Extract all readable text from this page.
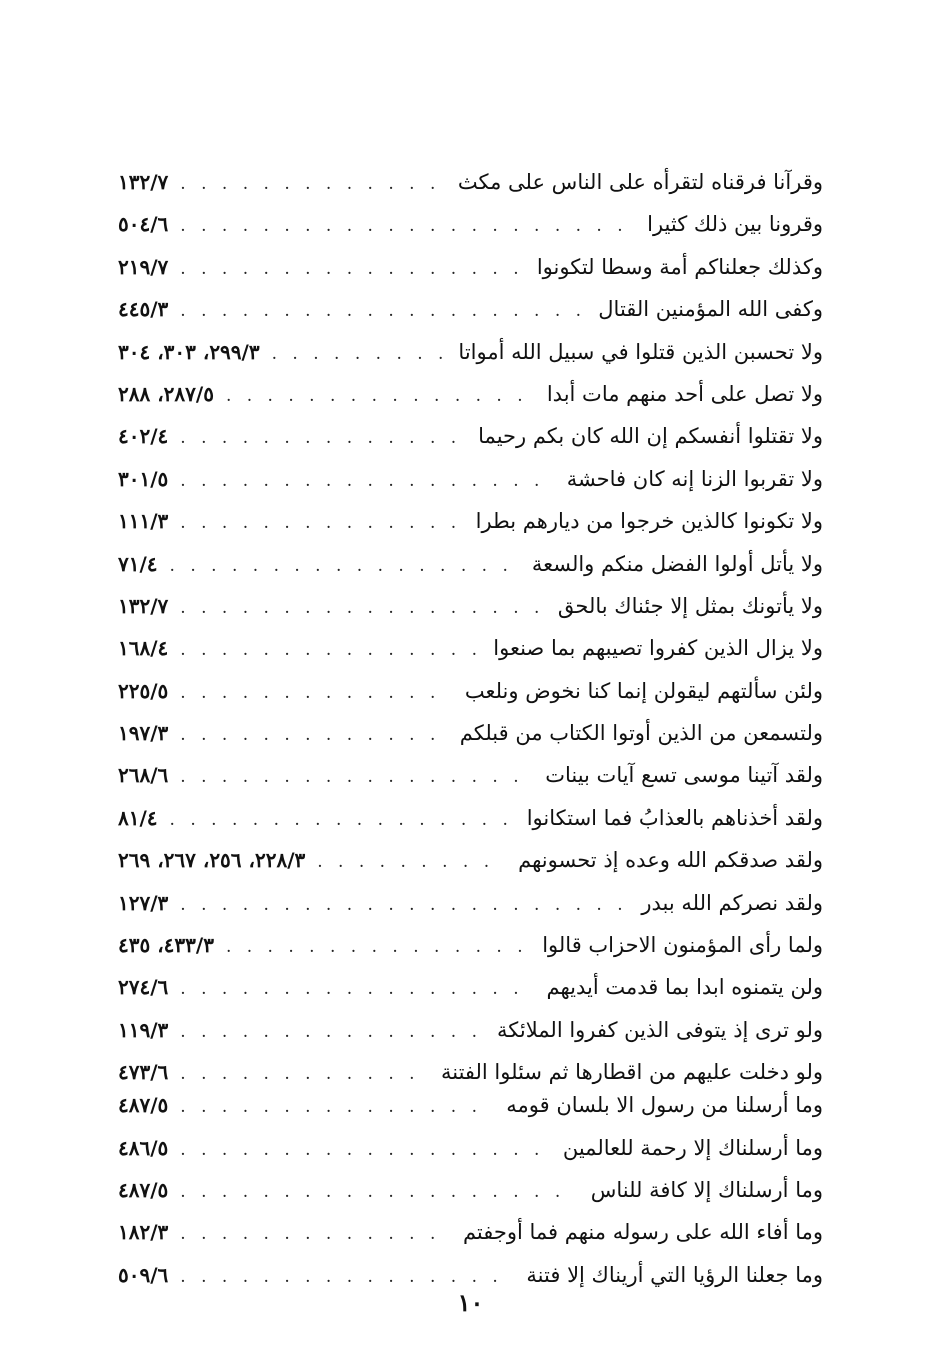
وقرآنا فرقناه لتقرأه على الناس على مكث
. . .
١٣٢/٧
وقرونا بين ذلك كثيرا
. . .
٥٠٤/٦
وكذلك جعلناكم أمة وسطا لتكونوا
. . .
٢١٩/٧
وكفى الله المؤمنين القتال
. . .
٤٤٥/٣
ولا تحسبن الذين قتلوا في سبيل الله أمواتا
. . .
٢٩٩/٣، ٣٠٣، ٣٠٤
ولا تصل على أحد منهم مات أبدا
. . .
٢٨٧/٥، ٢٨٨
ولا تقتلوا أنفسكم إن الله كان بكم رحيما
. . .
٤٠٢/٤
ولا تقربوا الزنا إنه كان فاحشة
. . .
٣٠١/٥
ولا تكونوا كالذين خرجوا من ديارهم بطرا
. . .
١١١/٣
ولا يأتل أولوا الفضل منكم والسعة
. . .
٧١/٤
ولا يأتونك بمثل إلا جئناك بالحق
. . .
١٣٢/٧
ولا يزال الذين كفروا تصيبهم بما صنعوا
. . .
١٦٨/٤
ولئن سألتهم ليقولن إنما كنا نخوض ونلعب
. . .
٢٢٥/٥
ولتسمعن من الذين أوتوا الكتاب من قبلكم
. . .
١٩٧/٣
ولقد آتينا موسى تسع آيات بينات
. . .
٢٦٨/٦
ولقد أخذناهم بالعذابُ فما استكانوا
. . .
٨١/٤
ولقد صدقكم الله وعده إذ تحسونهم
. . .
٢٢٨/٣، ٢٥٦، ٢٦٧، ٢٦٩
ولقد نصركم الله ببدر
. . .
١٢٧/٣
ولما رأى المؤمنون الاحزاب قالوا
. . .
٤٣٣/٣، ٤٣٥
ولن يتمنوه ابدا بما قدمت أيديهم
. . .
٢٧٤/٦
ولو ترى إذ يتوفى الذين كفروا الملائكة
. . .
١١٩/٣
ولو دخلت عليهم من اقطارها ثم سئلوا الفتنة
. . .
٤٧٣/٦
وما أرسلنا من رسول الا بلسان قومه
. . .
٤٨٧/٥
وما أرسلناك إلا رحمة للعالمين
. . .
٤٨٦/٥
وما أرسلناك إلا كافة للناس
. . .
٤٨٧/٥
وما أفاء الله على رسوله منهم فما أوجفتم
. . .
١٨٢/٣
وما جعلنا الرؤيا التي أريناك إلا فتنة
. . .
٥٠٩/٦
١٠
